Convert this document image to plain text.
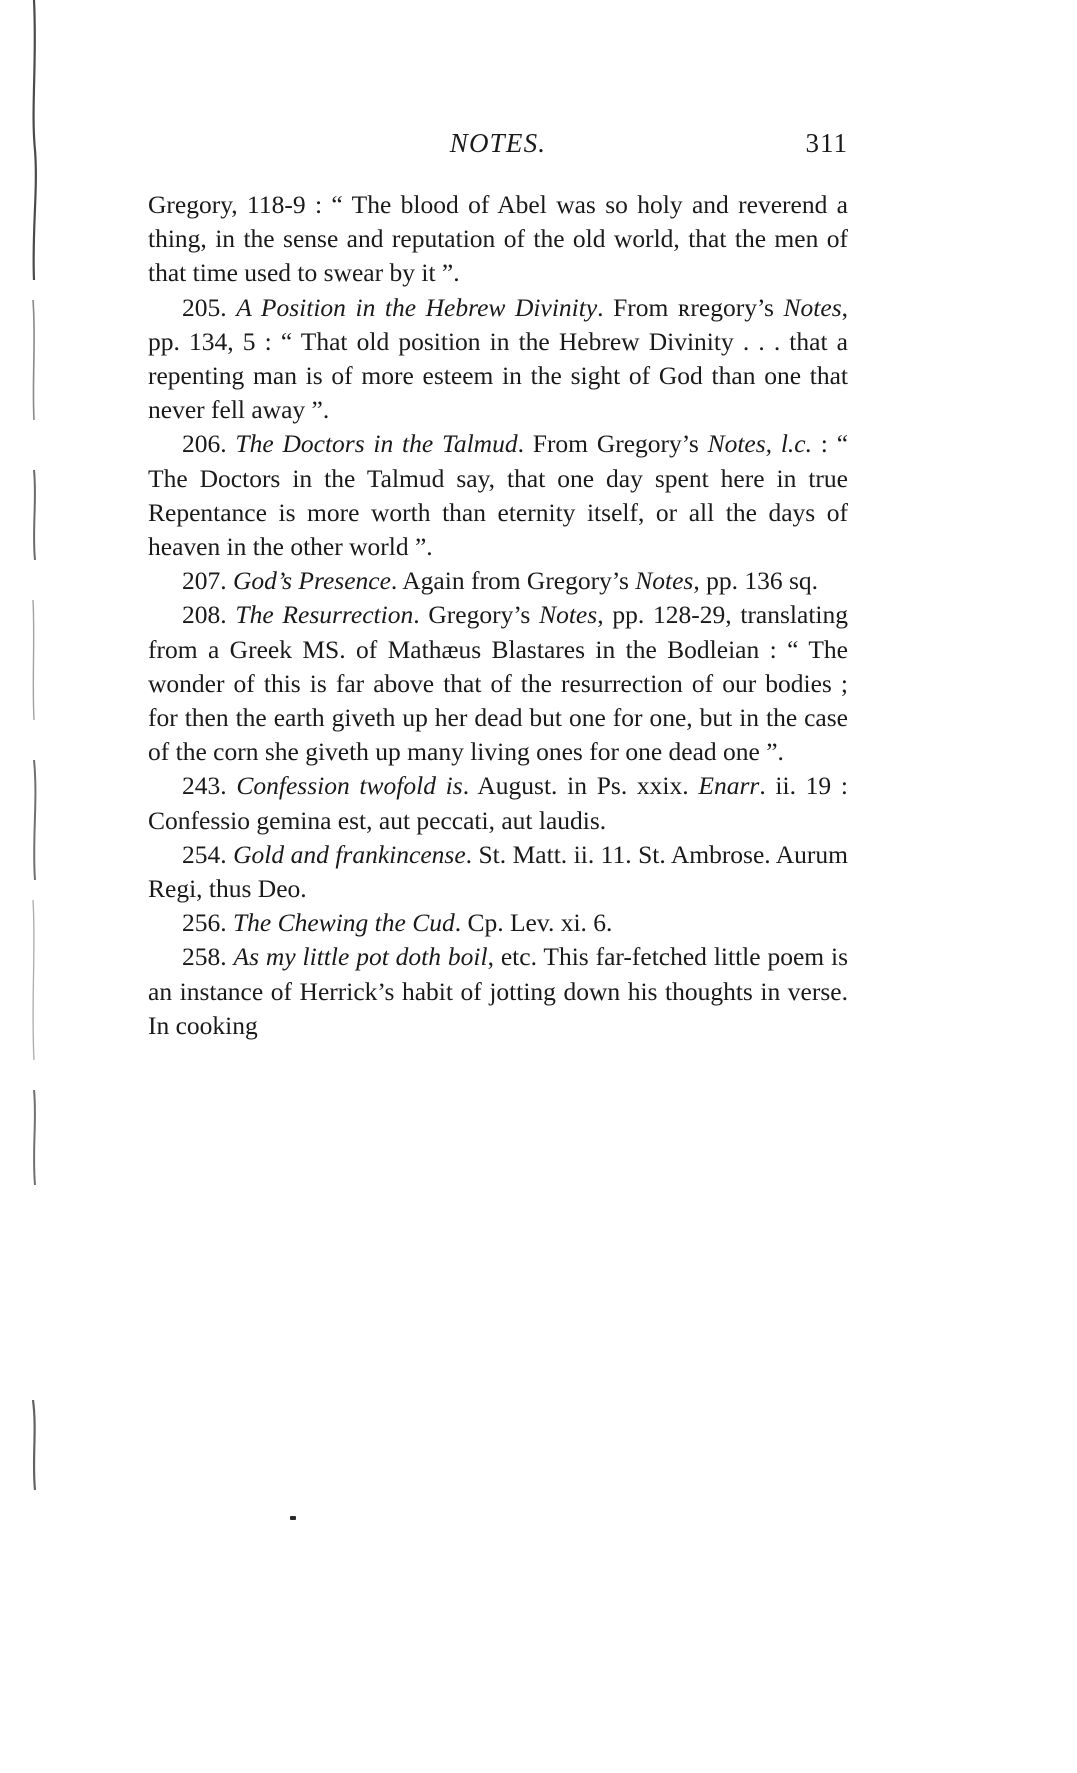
NOTES.	311

Gregory, 118-9 : “ The blood of Abel was so holy and reverend a thing, in the sense and reputation of the old world, that the men of that time used to swear by it ”.

205. A Position in the Hebrew Divinity. From ʀregory’s Notes, pp. 134, 5 : “ That old position in the Hebrew Divinity . . . that a repenting man is of more esteem in the sight of God than one that never fell away ”.

206. The Doctors in the Talmud. From Gregory’s Notes, l.c. : “ The Doctors in the Talmud say, that one day spent here in true Repentance is more worth than eternity itself, or all the days of heaven in the other world ”.

207. God’s Presence. Again from Gregory’s Notes, pp. 136 sq.

208. The Resurrection. Gregory’s Notes, pp. 128-29, translating from a Greek MS. of Mathæus Blastares in the Bodleian : “ The wonder of this is far above that of the resurrection of our bodies ; for then the earth giveth up her dead but one for one, but in the case of the corn she giveth up many living ones for one dead one ”.

243. Confession twofold is. August. in Ps. xxix. Enarr. ii. 19 : Confessio gemina est, aut peccati, aut laudis.

254. Gold and frankincense. St. Matt. ii. 11. St. Ambrose. Aurum Regi, thus Deo.

256. The Chewing the Cud. Cp. Lev. xi. 6.

258. As my little pot doth boil, etc. This far-fetched little poem is an instance of Herrick’s habit of jotting down his thoughts in verse. In cooking
